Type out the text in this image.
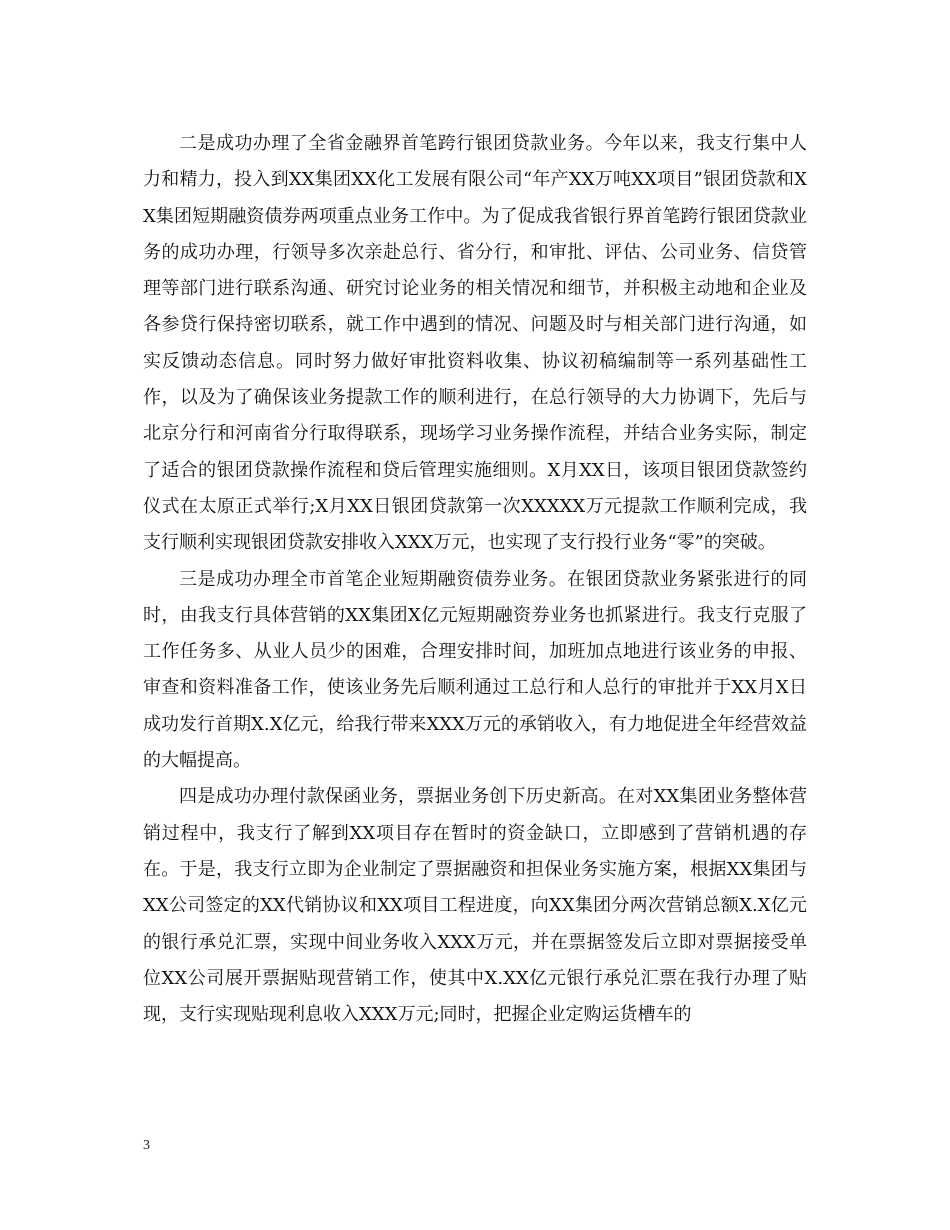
二是成功办理了全省金融界首笔跨行银团贷款业务。今年以来，我支行集中人力和精力，投入到XX集团XX化工发展有限公司“年产XX万吨XX项目”银团贷款和XX集团短期融资债券两项重点业务工作中。为了促成我省银行界首笔跨行银团贷款业务的成功办理，行领导多次亲赴总行、省分行，和审批、评估、公司业务、信贷管理等部门进行联系沟通、研究讨论业务的相关情况和细节，并积极主动地和企业及各参贷行保持密切联系，就工作中遇到的情况、问题及时与相关部门进行沟通，如实反馈动态信息。同时努力做好审批资料收集、协议初稿编制等一系列基础性工作，以及为了确保该业务提款工作的顺利进行，在总行领导的大力协调下，先后与北京分行和河南省分行取得联系，现场学习业务操作流程，并结合业务实际，制定了适合的银团贷款操作流程和贷后管理实施细则。X月XX日，该项目银团贷款签约仪式在太原正式举行;X月XX日银团贷款第一次XXXXX万元提款工作顺利完成，我支行顺利实现银团贷款安排收入XXX万元，也实现了支行投行业务“零”的突破。

三是成功办理全市首笔企业短期融资债券业务。在银团贷款业务紧张进行的同时，由我支行具体营销的XX集团X亿元短期融资券业务也抓紧进行。我支行克服了工作任务多、从业人员少的困难，合理安排时间，加班加点地进行该业务的申报、审查和资料准备工作，使该业务先后顺利通过工总行和人总行的审批并于XX月X日成功发行首期X.X亿元，给我行带来XXX万元的承销收入，有力地促进全年经营效益的大幅提高。

四是成功办理付款保函业务，票据业务创下历史新高。在对XX集团业务整体营销过程中，我支行了解到XX项目存在暂时的资金缺口，立即感到了营销机遇的存在。于是，我支行立即为企业制定了票据融资和担保业务实施方案，根据XX集团与XX公司签定的XX代销协议和XX项目工程进度，向XX集团分两次营销总额X.X亿元的银行承兑汇票，实现中间业务收入XXX万元，并在票据签发后立即对票据接受单位XX公司展开票据贴现营销工作，使其中X.XX亿元银行承兑汇票在我行办理了贴现，支行实现贴现利息收入XXX万元;同时，把握企业定购运货槽车的

3
